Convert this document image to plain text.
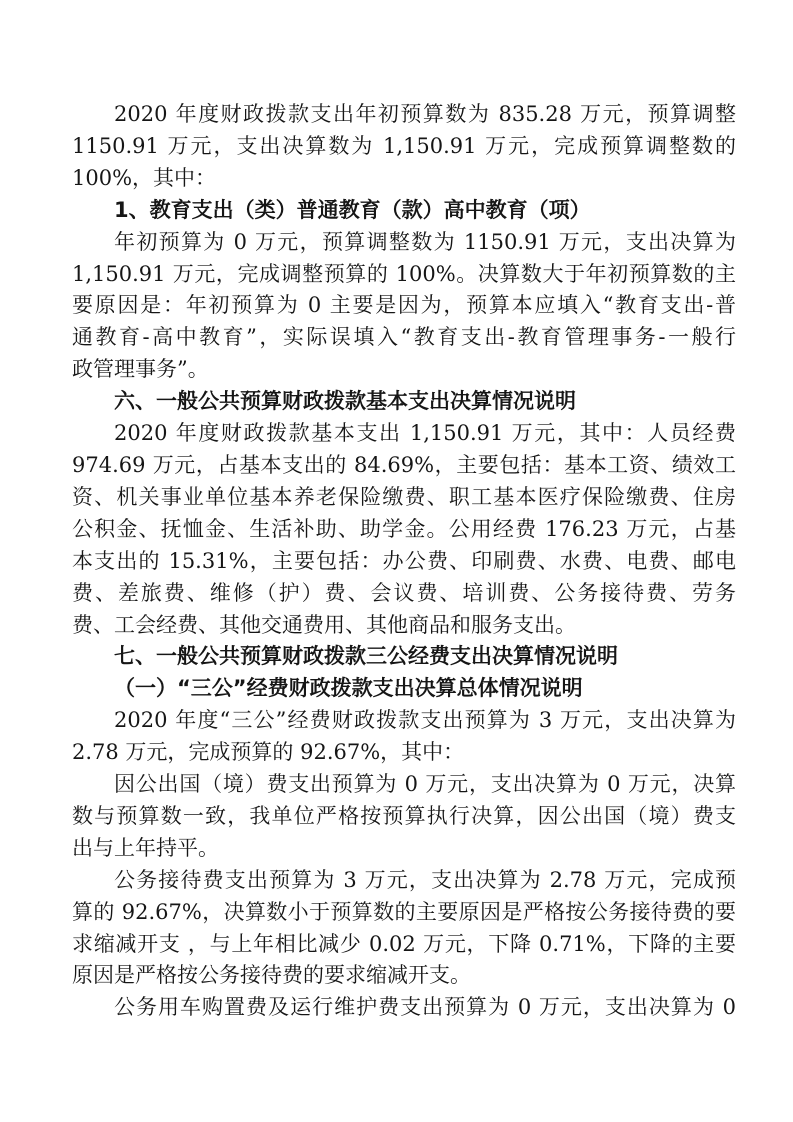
2020 年度财政拨款支出年初预算数为 835.28 万元，预算调整
1150.91 万元，支出决算数为 1,150.91 万元，完成预算调整数的
100%，其中：

1、教育支出（类）普通教育（款）高中教育（项）

年初预算为 0 万元，预算调整数为 1150.91 万元，支出决算为
1,150.91 万元，完成调整预算的 100%。决算数大于年初预算数的主
要原因是：年初预算为 0 主要是因为，预算本应填入“教育支出-普
通教育-高中教育”，实际误填入“教育支出-教育管理事务-一般行
政管理事务”。

六、一般公共预算财政拨款基本支出决算情况说明

2020 年度财政拨款基本支出 1,150.91 万元，其中：人员经费
974.69 万元，占基本支出的 84.69%，主要包括：基本工资、绩效工
资、机关事业单位基本养老保险缴费、职工基本医疗保险缴费、住房
公积金、抚恤金、生活补助、助学金。公用经费 176.23 万元，占基
本支出的 15.31%，主要包括：办公费、印刷费、水费、电费、邮电
费、差旅费、维修（护）费、会议费、培训费、公务接待费、劳务
费、工会经费、其他交通费用、其他商品和服务支出。

七、一般公共预算财政拨款三公经费支出决算情况说明

（一）“三公”经费财政拨款支出决算总体情况说明

2020 年度“三公”经费财政拨款支出预算为 3 万元，支出决算为
2.78 万元，完成预算的 92.67%，其中：

因公出国（境）费支出预算为 0 万元，支出决算为 0 万元，决算
数与预算数一致，我单位严格按预算执行决算，因公出国（境）费支
出与上年持平。

公务接待费支出预算为 3 万元，支出决算为 2.78 万元，完成预
算的 92.67%，决算数小于预算数的主要原因是严格按公务接待费的要
求缩减开支 ，与上年相比减少 0.02 万元，下降 0.71%，下降的主要
原因是严格按公务接待费的要求缩减开支。

公务用车购置费及运行维护费支出预算为 0 万元，支出决算为 0
